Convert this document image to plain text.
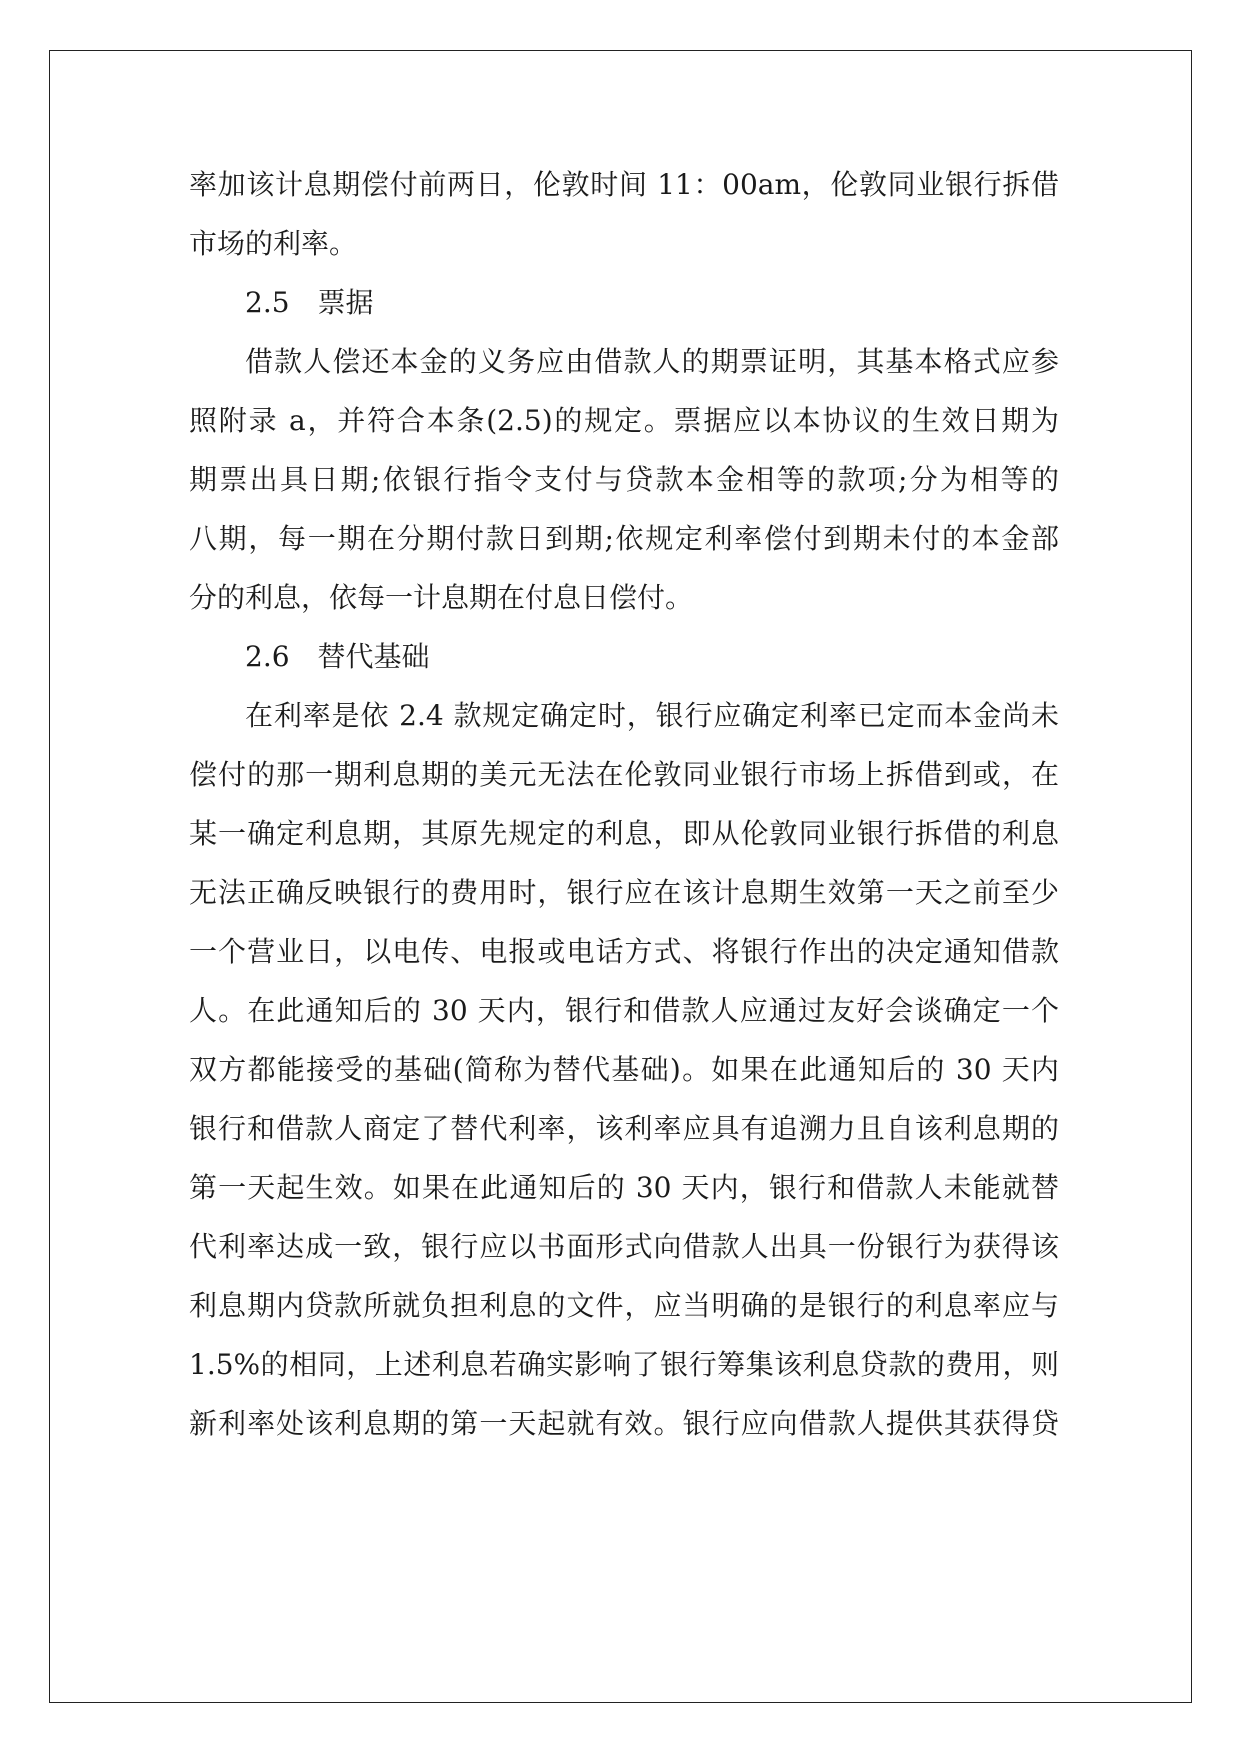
率加该计息期偿付前两日，伦敦时间 11：00am，伦敦同业银行拆借
市场的利率。
2.5　票据
借款人偿还本金的义务应由借款人的期票证明，其基本格式应参
照附录 a，并符合本条(2.5)的规定。票据应以本协议的生效日期为
期票出具日期;依银行指令支付与贷款本金相等的款项;分为相等的
八期，每一期在分期付款日到期;依规定利率偿付到期未付的本金部
分的利息，依每一计息期在付息日偿付。
2.6　替代基础
在利率是依 2.4 款规定确定时，银行应确定利率已定而本金尚未
偿付的那一期利息期的美元无法在伦敦同业银行市场上拆借到或，在
某一确定利息期，其原先规定的利息，即从伦敦同业银行拆借的利息
无法正确反映银行的费用时，银行应在该计息期生效第一天之前至少
一个营业日，以电传、电报或电话方式、将银行作出的决定通知借款
人。在此通知后的 30 天内，银行和借款人应通过友好会谈确定一个
双方都能接受的基础(简称为替代基础)。如果在此通知后的 30 天内
银行和借款人商定了替代利率，该利率应具有追溯力且自该利息期的
第一天起生效。如果在此通知后的 30 天内，银行和借款人未能就替
代利率达成一致，银行应以书面形式向借款人出具一份银行为获得该
利息期内贷款所就负担利息的文件，应当明确的是银行的利息率应与
1.5%的相同，上述利息若确实影响了银行筹集该利息贷款的费用，则
新利率处该利息期的第一天起就有效。银行应向借款人提供其获得贷
